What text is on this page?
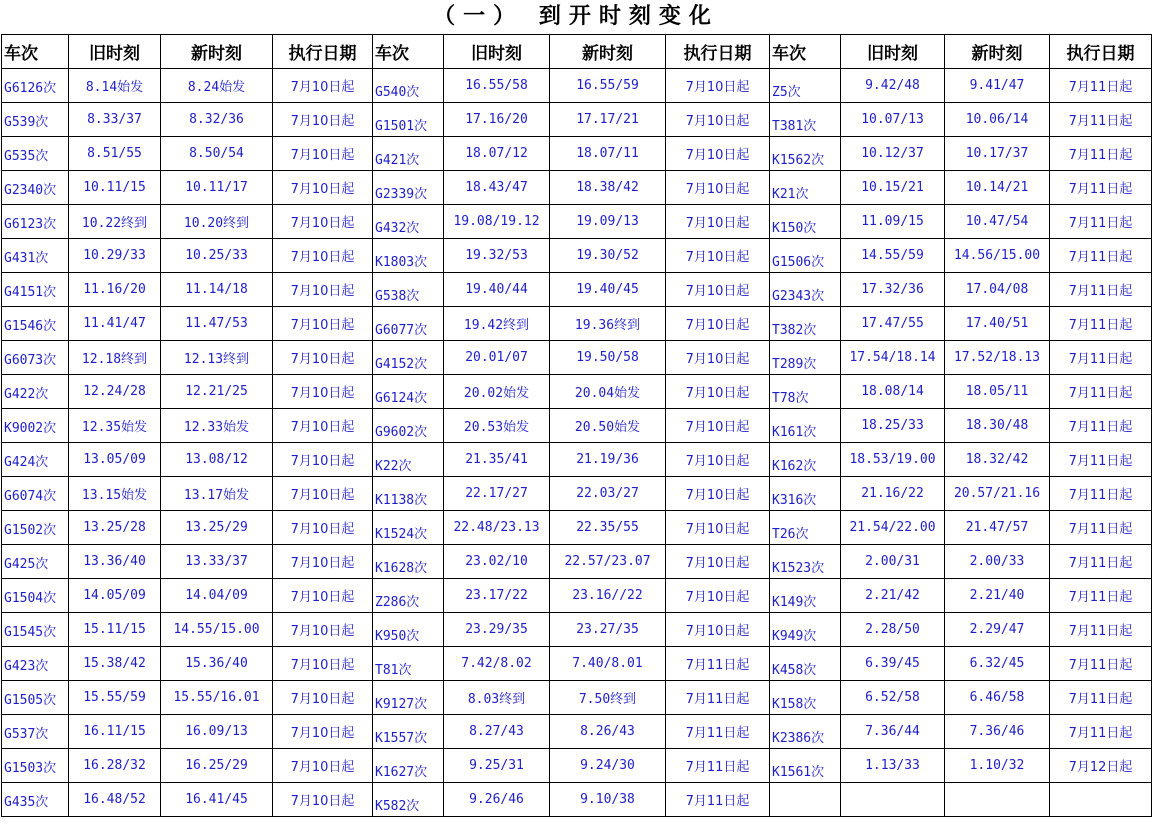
（一） 到开时刻变化
车次	旧时刻	新时刻	执行日期	车次	旧时刻	新时刻	执行日期	车次	旧时刻	新时刻	执行日期

G6126次	8.14始发	8.24始发	7月10日起	G540次	16.55/58	16.55/59	7月10日起	Z5次	9.42/48	9.41/47	7月11日起

G539次	8.33/37	8.32/36	7月10日起	G1501次	17.16/20	17.17/21	7月10日起	T381次	10.07/13	10.06/14	7月11日起

G535次	8.51/55	8.50/54	7月10日起	G421次	18.07/12	18.07/11	7月10日起	K1562次	10.12/37	10.17/37	7月11日起

G2340次	10.11/15	10.11/17	7月10日起	G2339次	18.43/47	18.38/42	7月10日起	K21次	10.15/21	10.14/21	7月11日起

G6123次	10.22终到	10.20终到	7月10日起	G432次	19.08/19.12	19.09/13	7月10日起	K150次	11.09/15	10.47/54	7月11日起

G431次	10.29/33	10.25/33	7月10日起	K1803次	19.32/53	19.30/52	7月10日起	G1506次	14.55/59	14.56/15.00	7月11日起

G4151次	11.16/20	11.14/18	7月10日起	G538次	19.40/44	19.40/45	7月10日起	G2343次	17.32/36	17.04/08	7月11日起

G1546次	11.41/47	11.47/53	7月10日起	G6077次	19.42终到	19.36终到	7月10日起	T382次	17.47/55	17.40/51	7月11日起

G6073次	12.18终到	12.13终到	7月10日起	G4152次	20.01/07	19.50/58	7月10日起	T289次	17.54/18.14	17.52/18.13	7月11日起

G422次	12.24/28	12.21/25	7月10日起	G6124次	20.02始发	20.04始发	7月10日起	T78次	18.08/14	18.05/11	7月11日起

K9002次	12.35始发	12.33始发	7月10日起	G9602次	20.53始发	20.50始发	7月10日起	K161次	18.25/33	18.30/48	7月11日起

G424次	13.05/09	13.08/12	7月10日起	K22次	21.35/41	21.19/36	7月10日起	K162次	18.53/19.00	18.32/42	7月11日起

G6074次	13.15始发	13.17始发	7月10日起	K1138次	22.17/27	22.03/27	7月10日起	K316次	21.16/22	20.57/21.16	7月11日起

G1502次	13.25/28	13.25/29	7月10日起	K1524次	22.48/23.13	22.35/55	7月10日起	T26次	21.54/22.00	21.47/57	7月11日起

G425次	13.36/40	13.33/37	7月10日起	K1628次	23.02/10	22.57/23.07	7月10日起	K1523次	2.00/31	2.00/33	7月11日起

G1504次	14.05/09	14.04/09	7月10日起	Z286次	23.17/22	23.16//22	7月10日起	K149次	2.21/42	2.21/40	7月11日起

G1545次	15.11/15	14.55/15.00	7月10日起	K950次	23.29/35	23.27/35	7月10日起	K949次	2.28/50	2.29/47	7月11日起

G423次	15.38/42	15.36/40	7月10日起	T81次	7.42/8.02	7.40/8.01	7月11日起	K458次	6.39/45	6.32/45	7月11日起

G1505次	15.55/59	15.55/16.01	7月10日起	K9127次	8.03终到	7.50终到	7月11日起	K158次	6.52/58	6.46/58	7月11日起

G537次	16.11/15	16.09/13	7月10日起	K1557次	8.27/43	8.26/43	7月11日起	K2386次	7.36/44	7.36/46	7月11日起

G1503次	16.28/32	16.25/29	7月10日起	K1627次	9.25/31	9.24/30	7月11日起	K1561次	1.13/33	1.10/32	7月12日起

G435次	16.48/52	16.41/45	7月10日起	K582次	9.26/46	9.10/38	7月11日起	
